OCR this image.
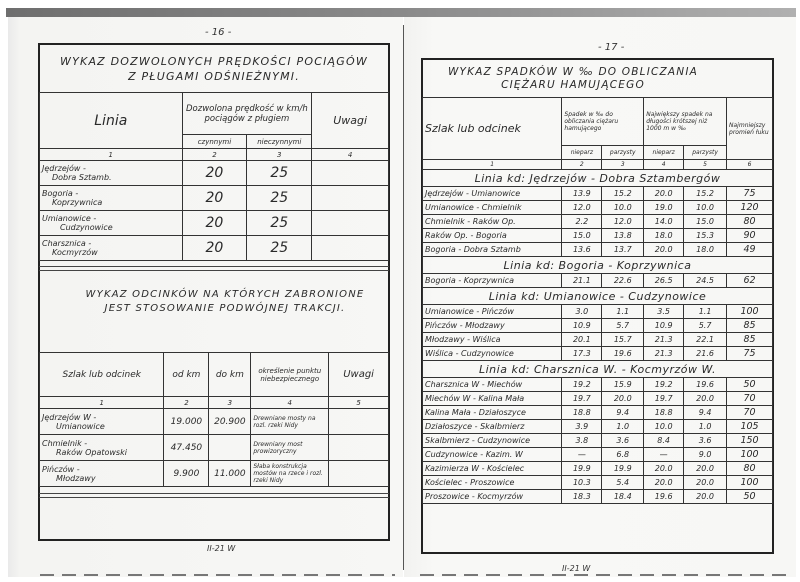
- 16 -
WYKAZ DOZWOLONYCH PRĘDKOŚCI POCIĄGÓW
Z PŁUGAMI ODŚNIEŻNYMI.
Linia	Dozwolona prędkość w km/h pociągów z pługiem		Uwagi
	czynnymi	nieczynnymi	
1	2	3	4

Jędrzejów -
Dobra Sztamb.	20	25	

Bogoria -
Koprzywnica	20	25	

Umianowice -
Cudzynowice	20	25	

Charsznica -
Kocmyrzów	20	25	
WYKAZ ODCINKÓW NA KTÓRYCH ZABRONIONE
JEST STOSOWANIE PODWÓJNEJ TRAKCJI.
Szlak lub odcinek	od km	do km	określenie punktu niebezpiecznego	Uwagi
1	2	3	4	5

Jędrzejów W -
Umianowice	19.000	20.900	Drewniane mosty na rozl. rzeki Nidy	

Chmielnik -
Raków Opatowski	47.450		Drewniany most prowizoryczny	

Pińczów -
Młodzawy	9.900	11.000	Słaba konstrukcja mostów na rzece i rozl. rzeki Nidy	
II-21 W
- 17 -
WYKAZ SPADKÓW W ‰ DO OBLICZANIA
CIĘŻARU HAMUJĄCEGO
Szlak lub odcinek	Spadek w ‰ do obliczania ciężaru hamującego		Największy spadek na długości krótszej niż 1000 m w ‰		Najmniejszy promień łuku
	nieparz	parzysty	nieparz	parzysty	
1	2	3	4	5	6
Linia kd: Jędrzejów - Dobra Sztambergów					
Jędrzejów - Umianowice	13.9	15.2	20.0	15.2	75
Umianowice - Chmielnik	12.0	10.0	19.0	10.0	120
Chmielnik - Raków Op.	2.2	12.0	14.0	15.0	80
Raków Op. - Bogoria	15.0	13.8	18.0	15.3	90
Bogoria - Dobra Sztamb	13.6	13.7	20.0	18.0	49
Linia kd: Bogoria - Koprzywnica					
Bogoria - Koprzywnica	21.1	22.6	26.5	24.5	62
Linia kd: Umianowice - Cudzynowice					
Umianowice - Pińczów	3.0	1.1	3.5	1.1	100
Pińczów - Młodzawy	10.9	5.7	10.9	5.7	85
Młodzawy - Wiślica	20.1	15.7	21.3	22.1	85
Wiślica - Cudzynowice	17.3	19.6	21.3	21.6	75
Linia kd: Charsznica W. - Kocmyrzów W.					
Charsznica W - Miechów	19.2	15.9	19.2	19.6	50
Miechów W - Kalina Mała	19.7	20.0	19.7	20.0	70
Kalina Mała - Działoszyce	18.8	9.4	18.8	9.4	70
Działoszyce - Skalbmierz	3.9	1.0	10.0	1.0	105
Skalbmierz - Cudzynowice	3.8	3.6	8.4	3.6	150
Cudzynowice - Kazim. W	—	6.8	—	9.0	100
Kazimierza W - Kościelec	19.9	19.9	20.0	20.0	80
Kościelec - Proszowice	10.3	5.4	20.0	20.0	100
Proszowice - Kocmyrzów	18.3	18.4	19.6	20.0	50
II-21 W
